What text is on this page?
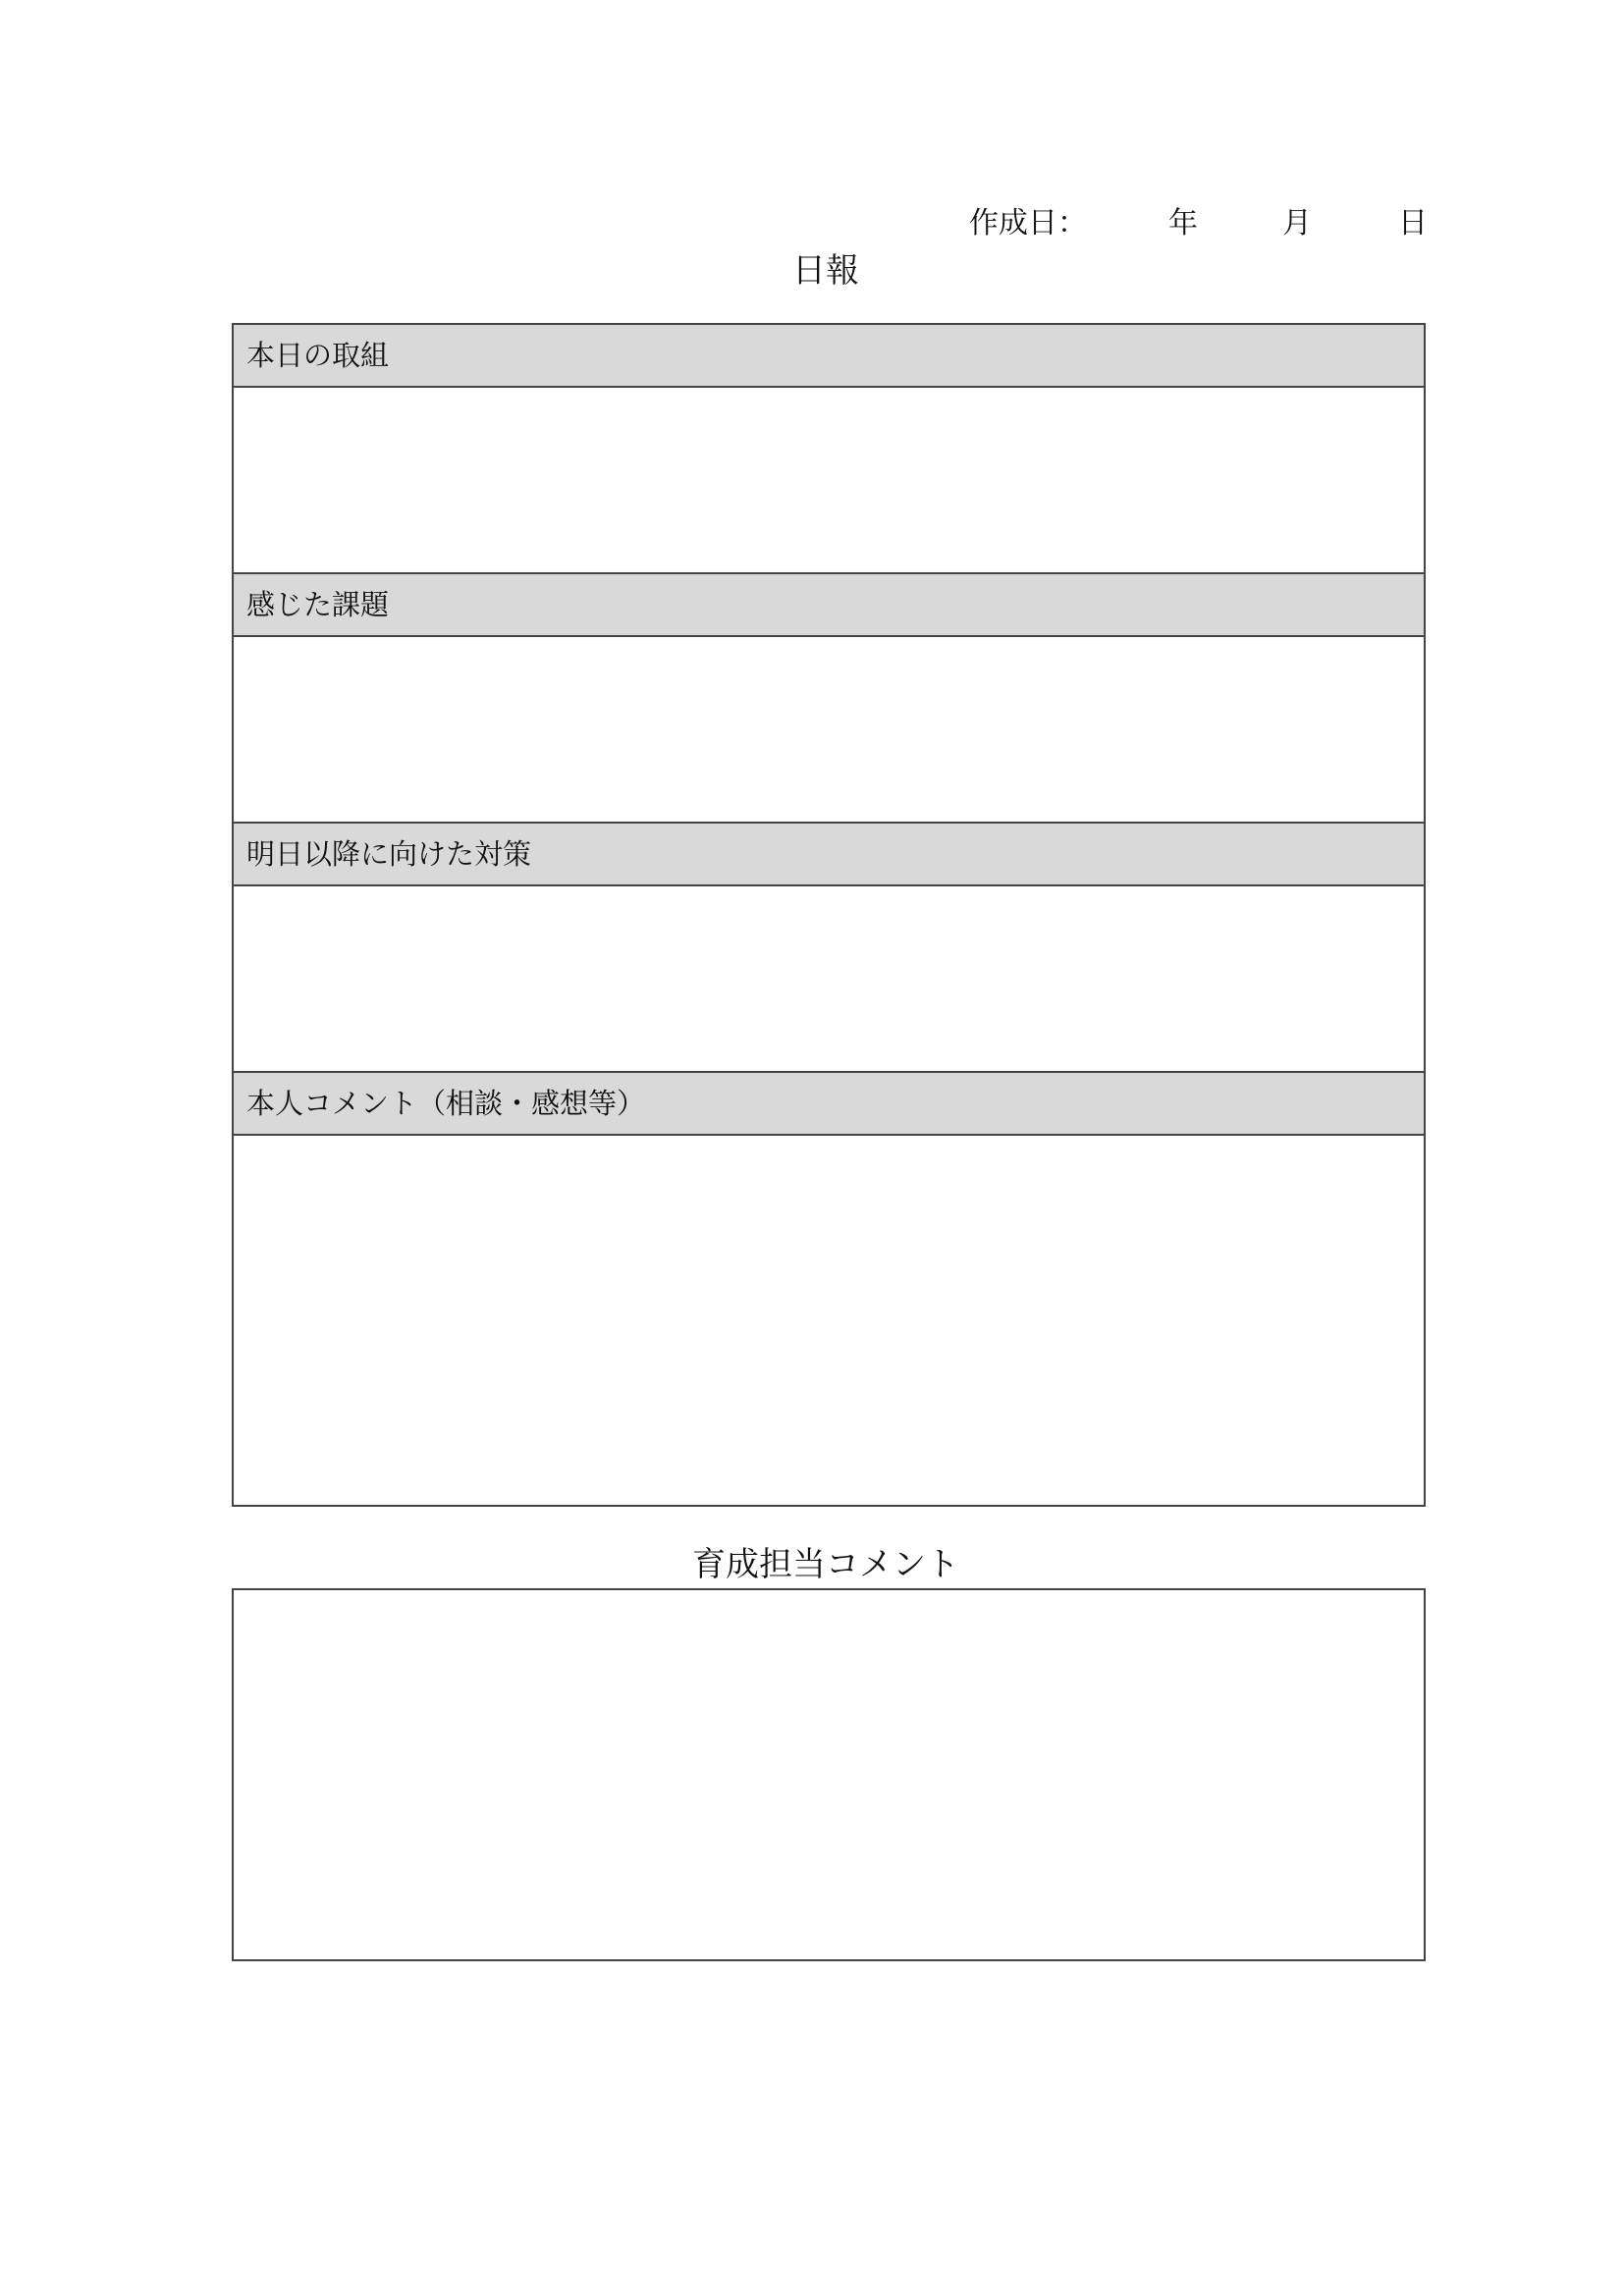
作成日：	年	月	日
日報
本日の取組
感じた課題
明日以降に向けた対策
本人コメント（相談・感想等）
育成担当コメント
